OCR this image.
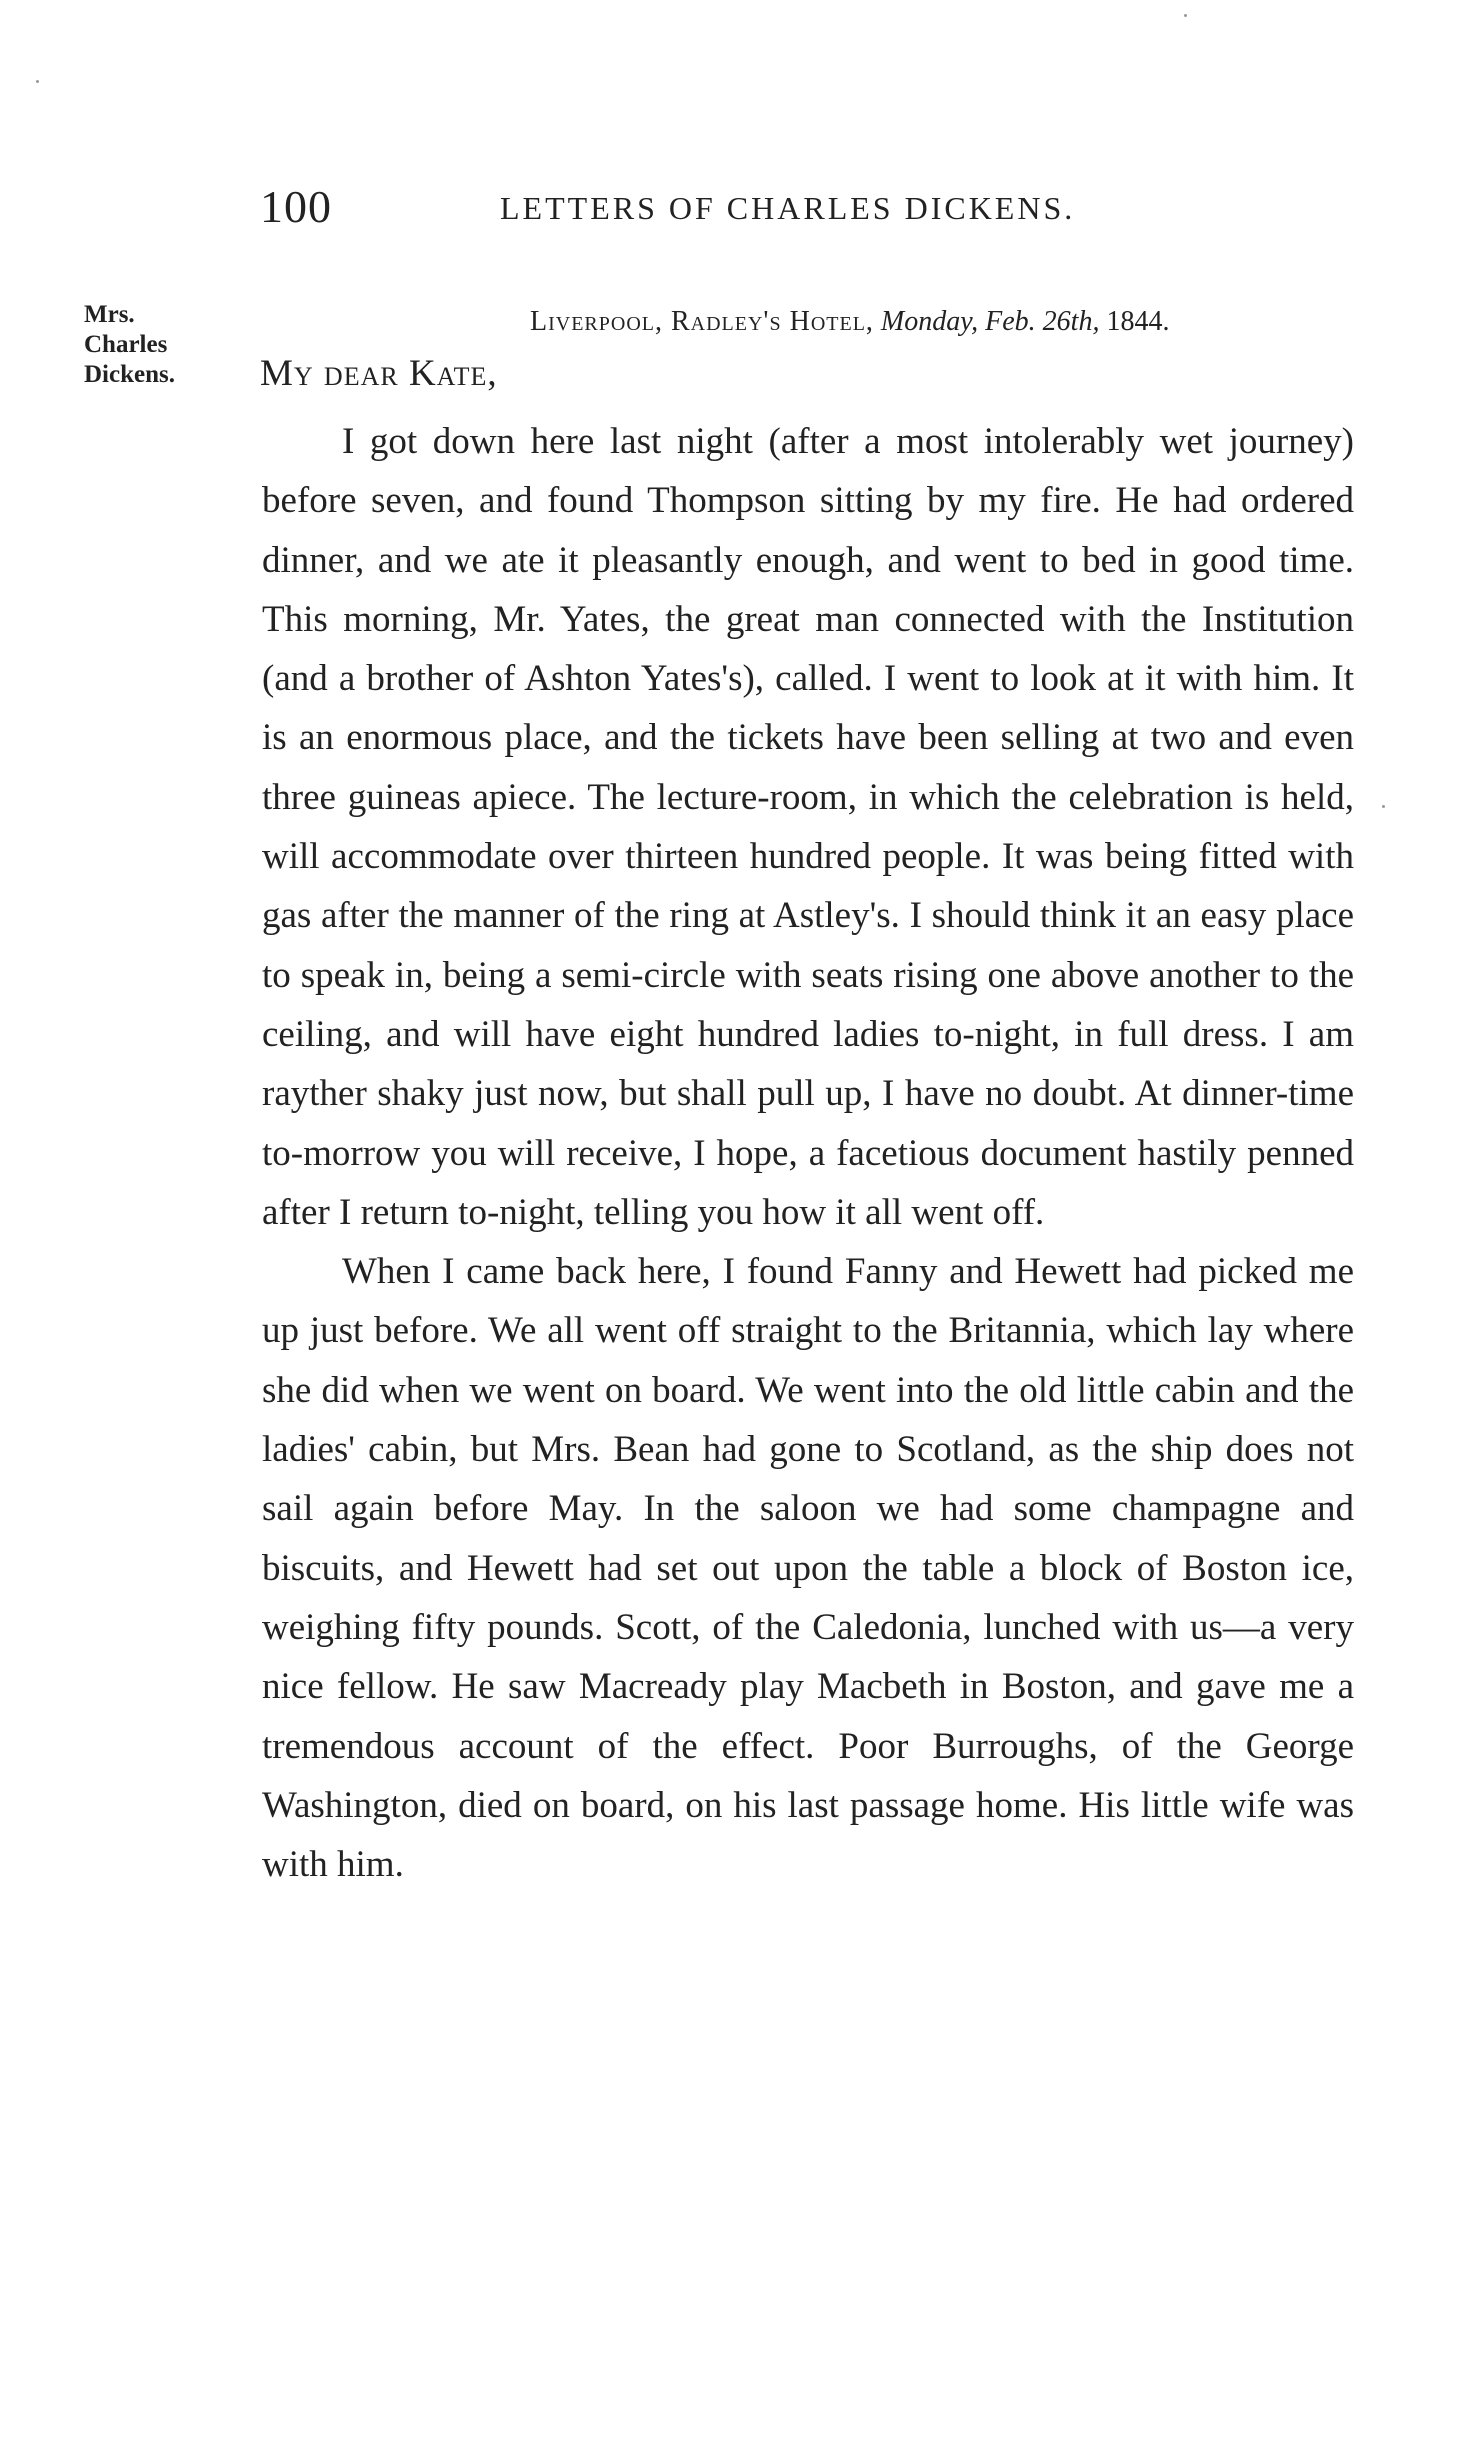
100	LETTERS OF CHARLES DICKENS.
Mrs.
Charles
Dickens.
Liverpool, Radley's Hotel, Monday, Feb. 26th, 1844.
My dear Kate,

I got down here last night (after a most intolerably wet journey) before seven, and found Thompson sitting by my fire. He had ordered dinner, and we ate it pleasantly enough, and went to bed in good time. This morning, Mr. Yates, the great man connected with the Institution (and a brother of Ashton Yates's), called. I went to look at it with him. It is an enormous place, and the tickets have been selling at two and even three guineas apiece. The lecture-room, in which the celebration is held, will accommodate over thirteen hundred people. It was being fitted with gas after the manner of the ring at Astley's. I should think it an easy place to speak in, being a semi-circle with seats rising one above another to the ceiling, and will have eight hundred ladies to-night, in full dress. I am rayther shaky just now, but shall pull up, I have no doubt. At dinner-time to-morrow you will receive, I hope, a facetious document hastily penned after I return to-night, telling you how it all went off.

When I came back here, I found Fanny and Hewett had picked me up just before. We all went off straight to the Britannia, which lay where she did when we went on board. We went into the old little cabin and the ladies' cabin, but Mrs. Bean had gone to Scotland, as the ship does not sail again before May. In the saloon we had some champagne and biscuits, and Hewett had set out upon the table a block of Boston ice, weighing fifty pounds. Scott, of the Caledonia, lunched with us—a very nice fellow. He saw Macready play Macbeth in Boston, and gave me a tremendous account of the effect. Poor Burroughs, of the George Washington, died on board, on his last passage home. His little wife was with him.
